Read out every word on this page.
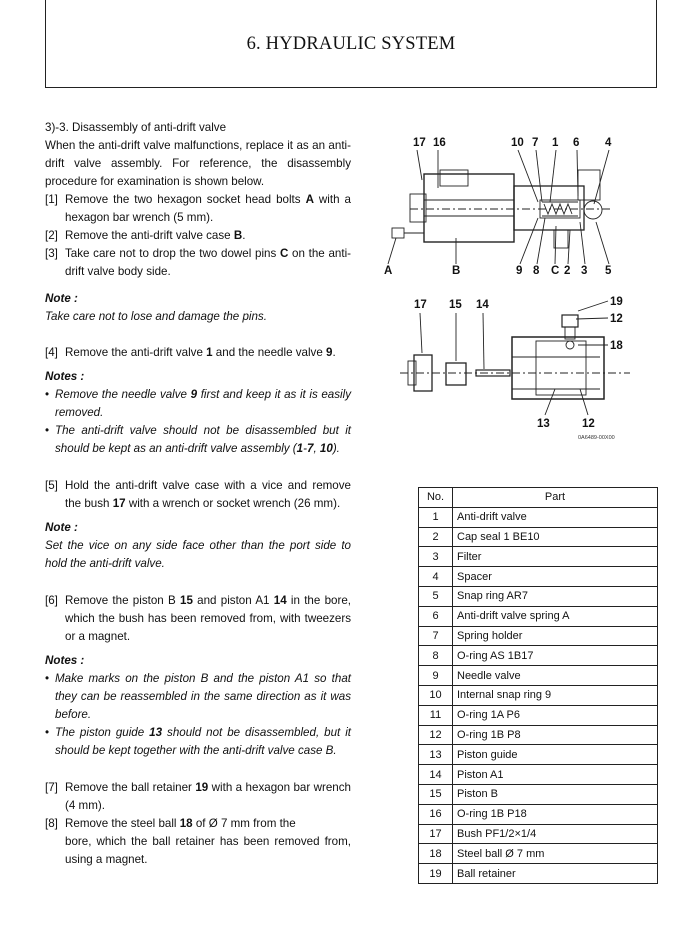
6. HYDRAULIC SYSTEM
3)-3. Disassembly of anti-drift valve
When the anti-drift valve malfunctions, replace it as an anti-drift valve assembly. For reference, the disassembly procedure for examination is shown below.
[1] Remove the two hexagon socket head bolts A with a hexagon bar wrench (5 mm).
[2] Remove the anti-drift valve case B.
[3] Take care not to drop the two dowel pins C on the anti-drift valve body side.
Note :
Take care not to lose and damage the pins.
[4] Remove the anti-drift valve 1 and the needle valve 9.
Notes :
• Remove the needle valve 9 first and keep it as it is easily removed.
• The anti-drift valve should not be disassembled but it should be kept as an anti-drift valve assembly (1-7, 10).
[5] Hold the anti-drift valve case with a vice and remove the bush 17 with a wrench or socket wrench (26 mm).
Note :
Set the vice on any side face other than the port side to hold the anti-drift valve.
[6] Remove the piston B 15 and piston A1 14 in the bore, which the bush has been removed from, with tweezers or a magnet.
Notes :
• Make marks on the piston B and the piston A1 so that they can be reassembled in the same direction as it was before.
• The piston guide 13 should not be disassembled, but it should be kept together with the anti-drift valve case B.
[7] Remove the ball retainer 19 with a hexagon bar wrench (4 mm).
[8] Remove the steel ball 18 of Ø 7 mm from the
bore, which the ball retainer has been removed from, using a magnet.
17 16	10 7 1 6 4
A	B	9 8 C 2 3 5
17 15 14	19
12
18
13	12
0A6489-00X00
No.	Part
1	Anti-drift valve
2	Cap seal 1 BE10
3	Filter
4	Spacer
5	Snap ring AR7
6	Anti-drift valve spring A
7	Spring holder
8	O-ring AS 1B17
9	Needle valve
10	Internal snap ring 9
11	O-ring 1A P6
12	O-ring 1B P8
13	Piston guide
14	Piston A1
15	Piston B
16	O-ring 1B P18
17	Bush PF1/2×1/4
18	Steel ball Ø 7 mm
19	Ball retainer
